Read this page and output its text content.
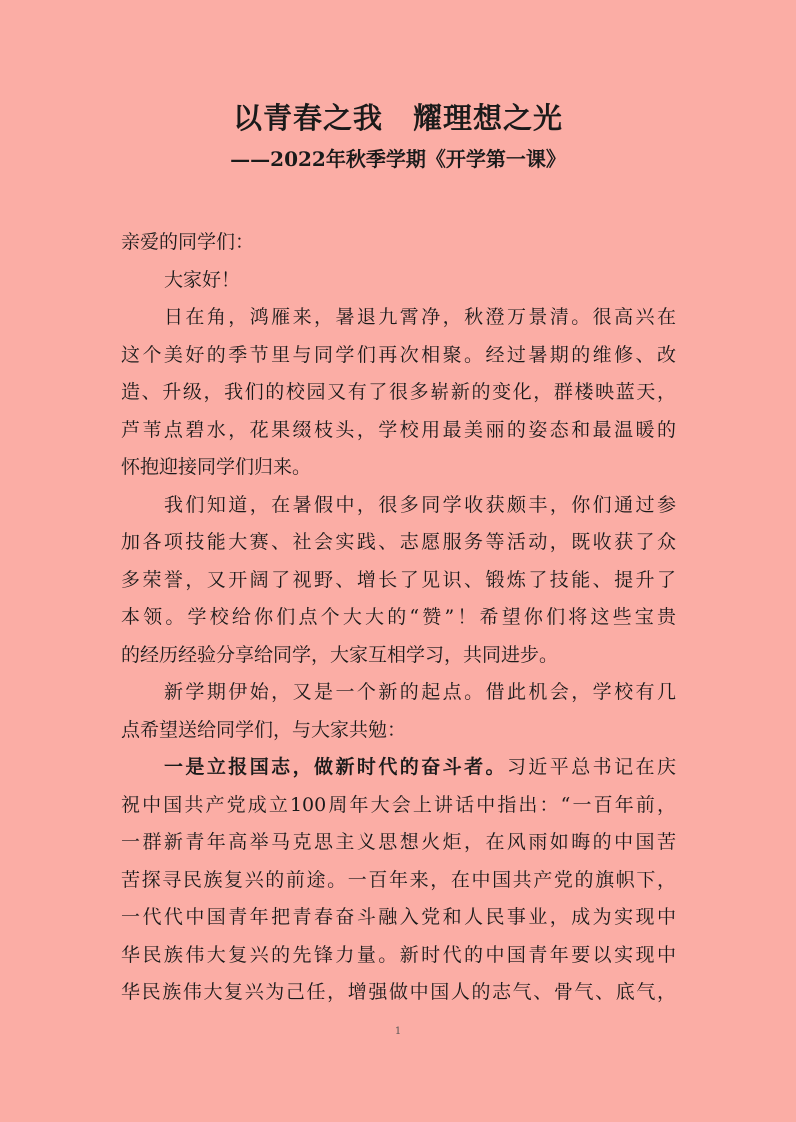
以青春之我　耀理想之光
——2022年秋季学期《开学第一课》
亲爱的同学们：
大家好！
日在角，鸿雁来，暑退九霄净，秋澄万景清。很高兴在
这个美好的季节里与同学们再次相聚。经过暑期的维修、改
造、升级，我们的校园又有了很多崭新的变化，群楼映蓝天，
芦苇点碧水，花果缀枝头，学校用最美丽的姿态和最温暖的
怀抱迎接同学们归来。
我们知道，在暑假中，很多同学收获颇丰，你们通过参
加各项技能大赛、社会实践、志愿服务等活动，既收获了众
多荣誉，又开阔了视野、增长了见识、锻炼了技能、提升了
本领。学校给你们点个大大的“赞”！希望你们将这些宝贵
的经历经验分享给同学，大家互相学习，共同进步。
新学期伊始，又是一个新的起点。借此机会，学校有几
点希望送给同学们，与大家共勉：
一是立报国志，做新时代的奋斗者。习近平总书记在庆
祝中国共产党成立100周年大会上讲话中指出：“一百年前，
一群新青年高举马克思主义思想火炬，在风雨如晦的中国苦
苦探寻民族复兴的前途。一百年来，在中国共产党的旗帜下，
一代代中国青年把青春奋斗融入党和人民事业，成为实现中
华民族伟大复兴的先锋力量。新时代的中国青年要以实现中
华民族伟大复兴为己任，增强做中国人的志气、骨气、底气，
1
